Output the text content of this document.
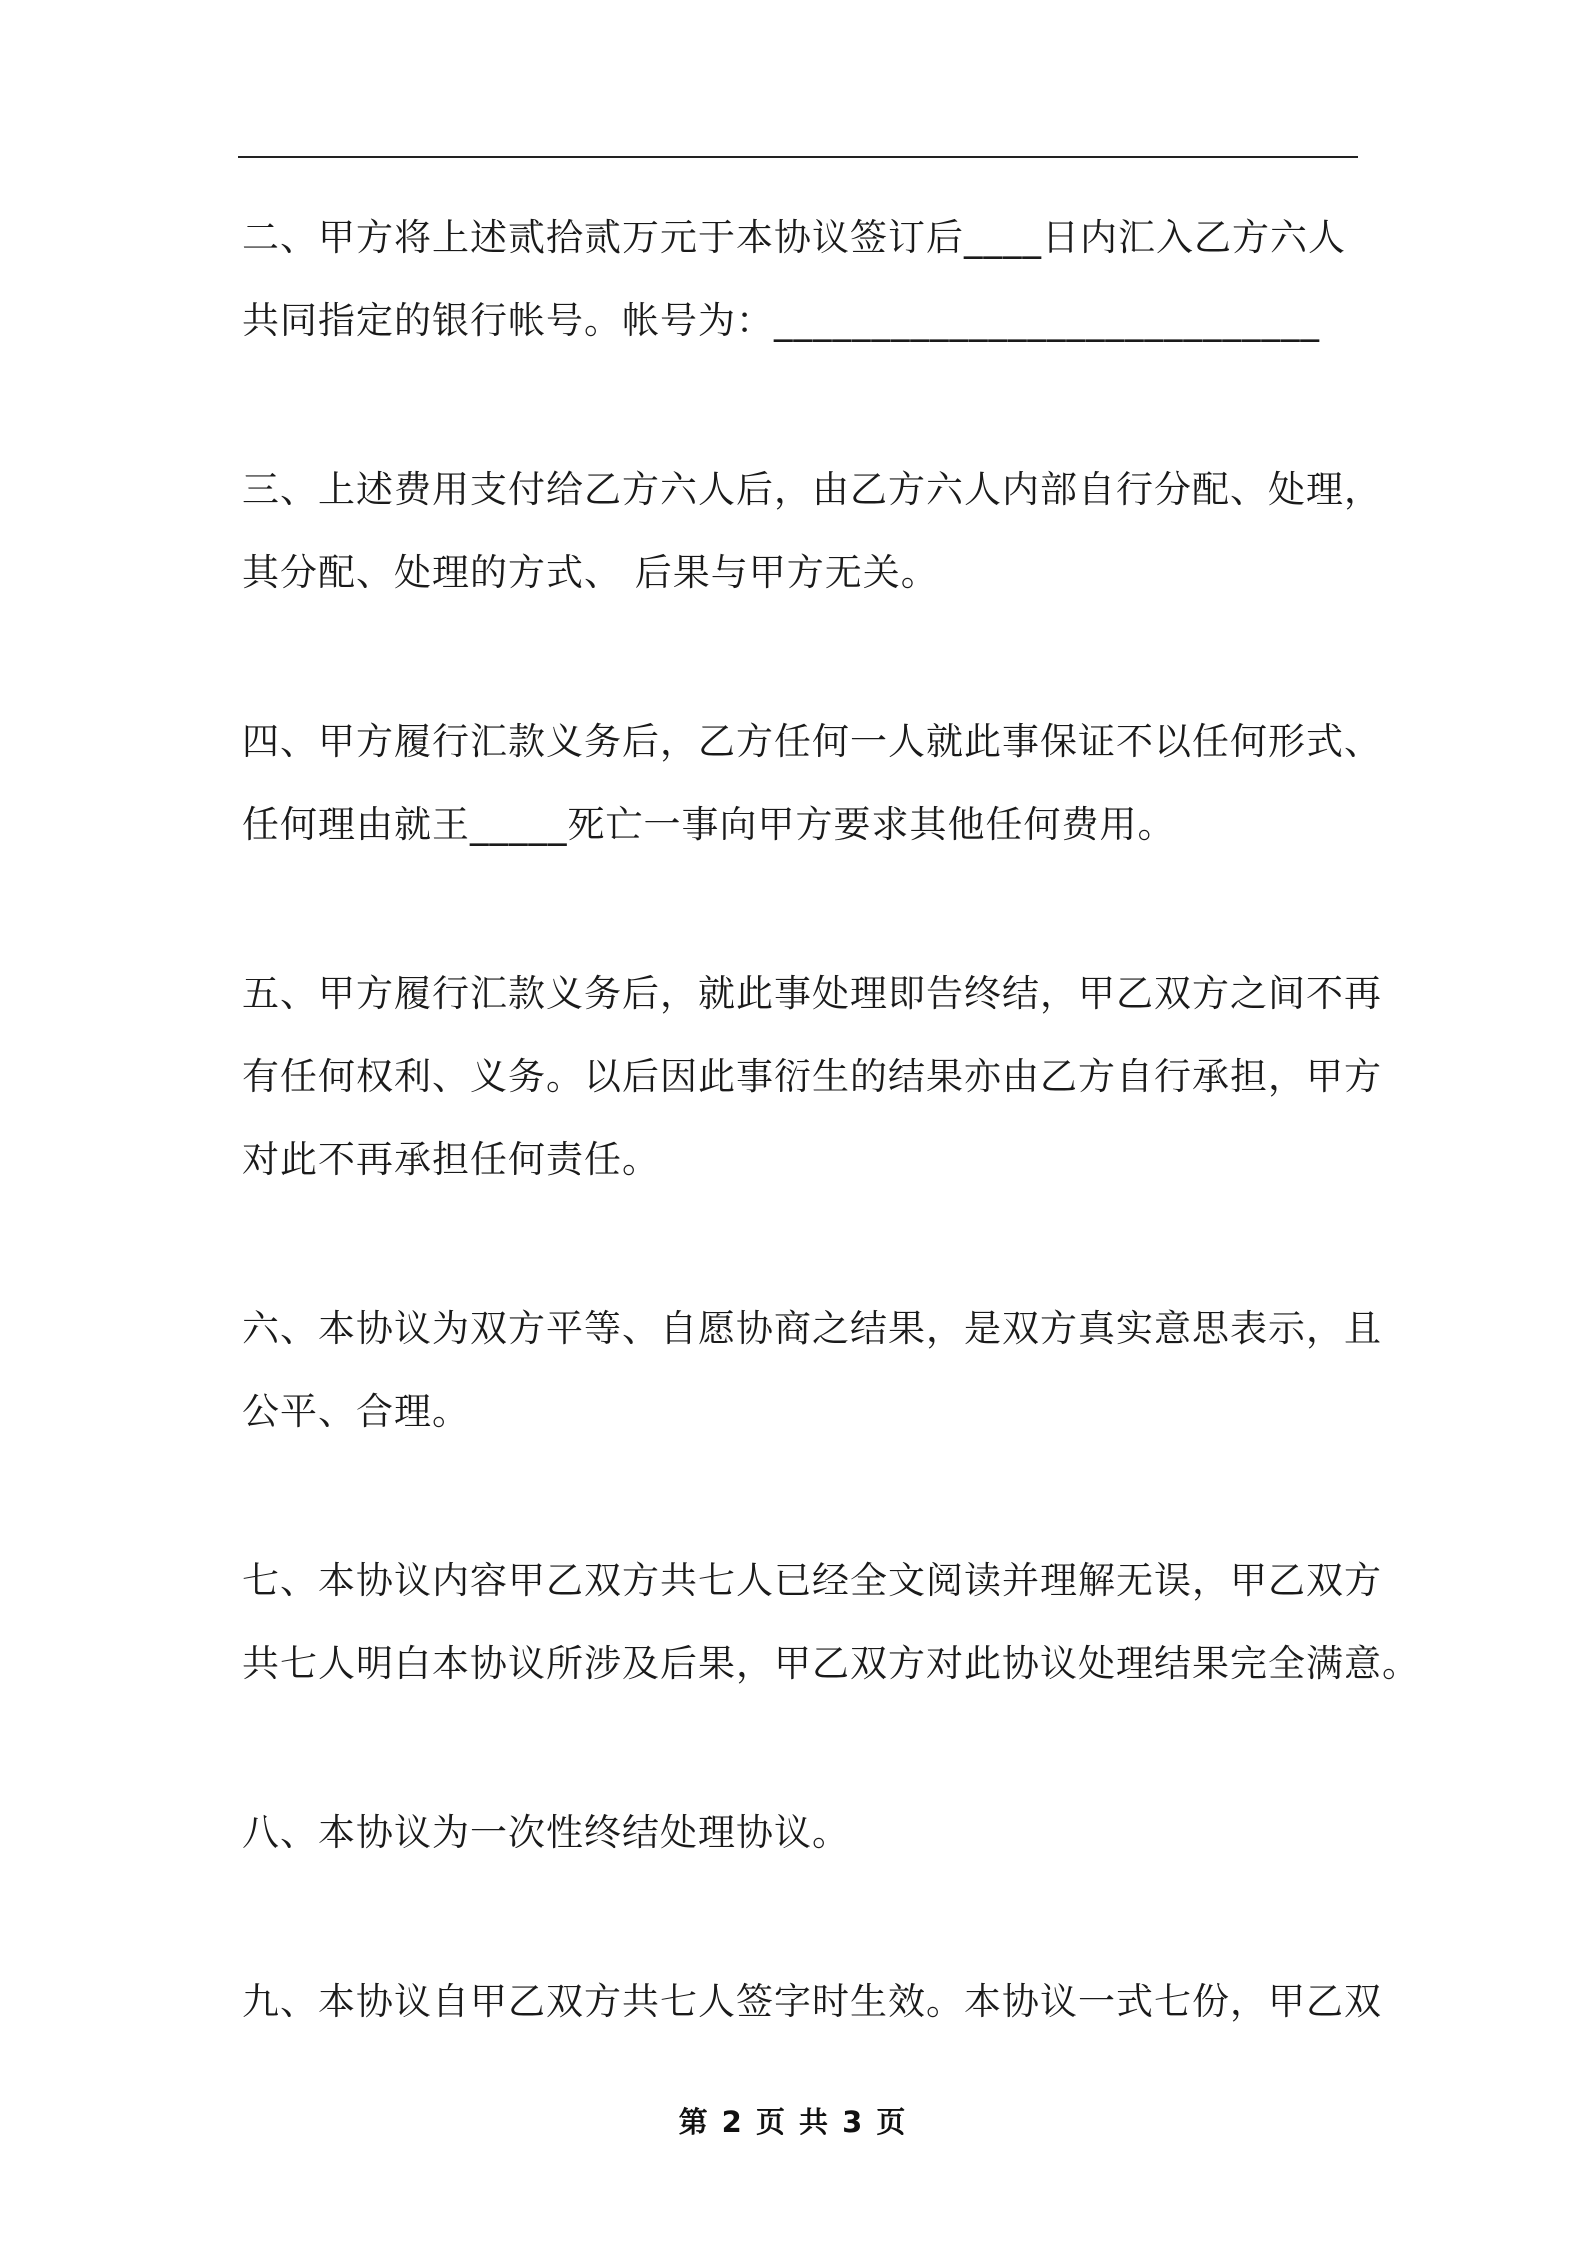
二、甲方将上述贰拾贰万元于本协议签订后____日内汇入乙方六人
共同指定的银行帐号。帐号为：____________________________

三、上述费用支付给乙方六人后，由乙方六人内部自行分配、处理，
其分配、处理的方式、 后果与甲方无关。

四、甲方履行汇款义务后，乙方任何一人就此事保证不以任何形式、
任何理由就王_____死亡一事向甲方要求其他任何费用。

五、甲方履行汇款义务后，就此事处理即告终结，甲乙双方之间不再
有任何权利、义务。以后因此事衍生的结果亦由乙方自行承担，甲方
对此不再承担任何责任。

六、本协议为双方平等、自愿协商之结果，是双方真实意思表示，且
公平、合理。

七、本协议内容甲乙双方共七人已经全文阅读并理解无误，甲乙双方
共七人明白本协议所涉及后果，甲乙双方对此协议处理结果完全满意。

八、本协议为一次性终结处理协议。

九、本协议自甲乙双方共七人签字时生效。本协议一式七份，甲乙双

第 2 页 共 3 页
